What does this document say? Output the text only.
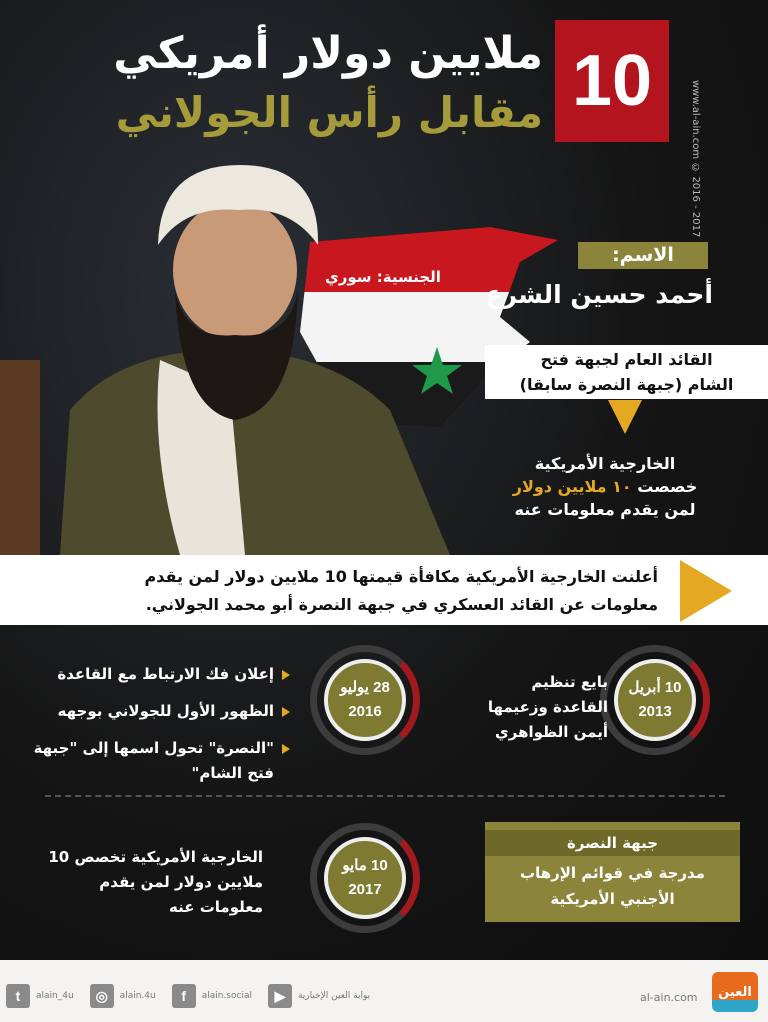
10
ملايين دولار أمريكي
مقابل رأس الجولاني	www.al-ain.com © 2016 - 2017
الجنسية: سوري
الاسم:
أحمد حسين الشرع
القائد العام لجبهة فتح
الشام (جبهة النصرة سابقا)
الخارجية الأمريكية
خصصت ١٠ ملايين دولار
لمن يقدم معلومات عنه
أعلنت الخارجية الأمريكية مكافأة قيمتها 10 ملايين دولار لمن يقدم
معلومات عن القائد العسكري في جبهة النصرة أبو محمد الجولاني.
10 أبريل
2013
بايع تنظيم
القاعدة وزعيمها
أيمن الظواهري
28 يوليو
2016
إعلان فك الارتباط مع القاعدة
الظهور الأول للجولاني بوجهه
"النصرة" تحول اسمها إلى "جبهة فتح الشام"
10 مايو
2017
الخارجية الأمريكية تخصص 10
ملايين دولار لمن يقدم
معلومات عنه
جبهة النصرة
مدرجة في قوائم الإرهاب
الأجنبي الأمريكية
t	alain_4u	◎	alain.4u	f	alain.social	▶	بوابة العين الإخبارية	al-ain.com	العين
